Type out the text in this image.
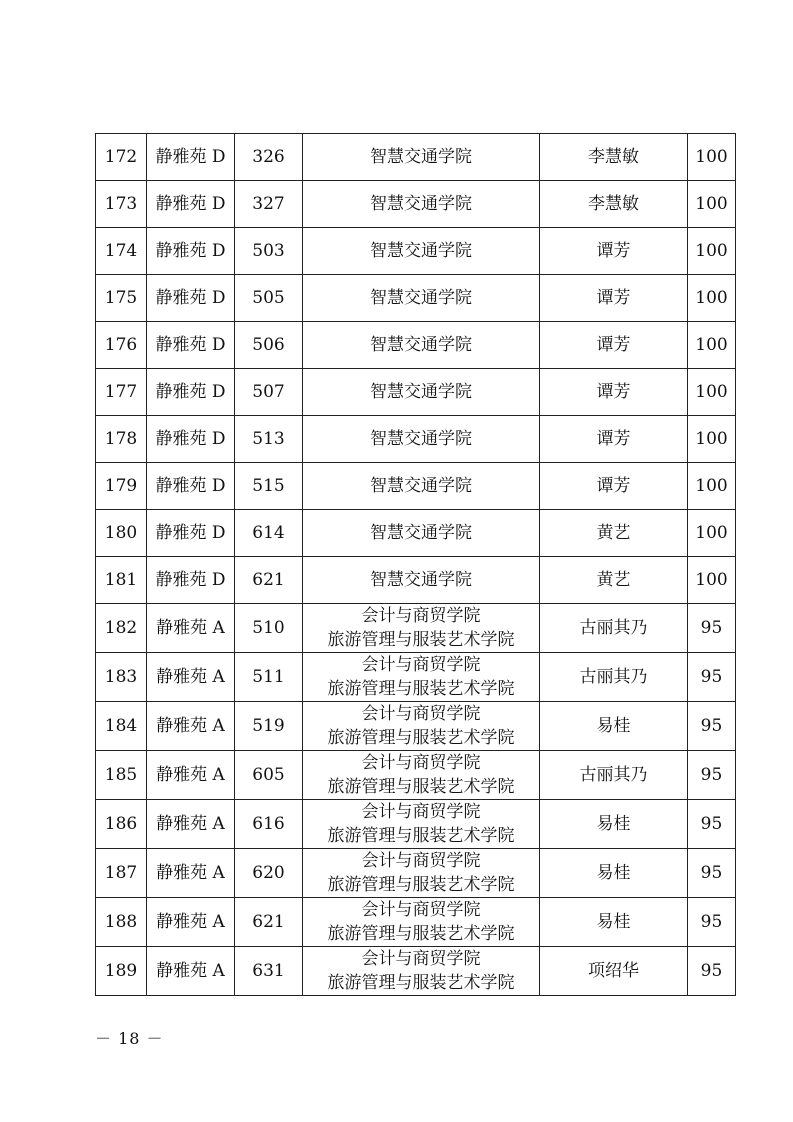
172	静雅苑 D	326	智慧交通学院	李慧敏	100
173	静雅苑 D	327	智慧交通学院	李慧敏	100
174	静雅苑 D	503	智慧交通学院	谭芳	100
175	静雅苑 D	505	智慧交通学院	谭芳	100
176	静雅苑 D	506	智慧交通学院	谭芳	100
177	静雅苑 D	507	智慧交通学院	谭芳	100
178	静雅苑 D	513	智慧交通学院	谭芳	100
179	静雅苑 D	515	智慧交通学院	谭芳	100
180	静雅苑 D	614	智慧交通学院	黄艺	100
181	静雅苑 D	621	智慧交通学院	黄艺	100
182	静雅苑 A	510	会计与商贸学院
旅游管理与服装艺术学院	古丽其乃	95
183	静雅苑 A	511	会计与商贸学院
旅游管理与服装艺术学院	古丽其乃	95
184	静雅苑 A	519	会计与商贸学院
旅游管理与服装艺术学院	易桂	95
185	静雅苑 A	605	会计与商贸学院
旅游管理与服装艺术学院	古丽其乃	95
186	静雅苑 A	616	会计与商贸学院
旅游管理与服装艺术学院	易桂	95
187	静雅苑 A	620	会计与商贸学院
旅游管理与服装艺术学院	易桂	95
188	静雅苑 A	621	会计与商贸学院
旅游管理与服装艺术学院	易桂	95
189	静雅苑 A	631	会计与商贸学院
旅游管理与服装艺术学院	项绍华	95
－ 18 －
